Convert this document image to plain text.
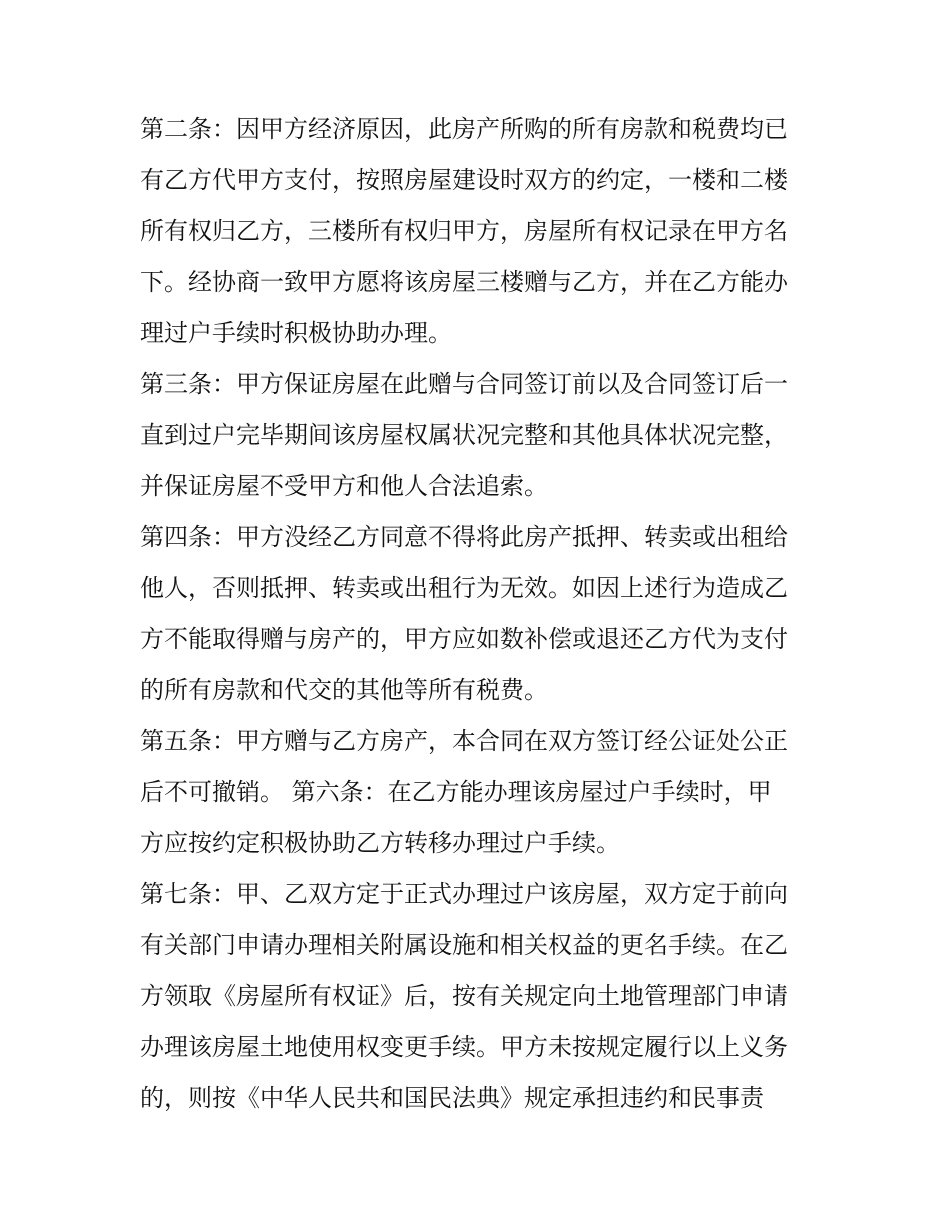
第二条：因甲方经济原因，此房产所购的所有房款和税费均已
有乙方代甲方支付，按照房屋建设时双方的约定，一楼和二楼
所有权归乙方，三楼所有权归甲方，房屋所有权记录在甲方名
下。经协商一致甲方愿将该房屋三楼赠与乙方，并在乙方能办
理过户手续时积极协助办理。
第三条：甲方保证房屋在此赠与合同签订前以及合同签订后一
直到过户完毕期间该房屋权属状况完整和其他具体状况完整，
并保证房屋不受甲方和他人合法追索。
第四条：甲方没经乙方同意不得将此房产抵押、转卖或出租给
他人，否则抵押、转卖或出租行为无效。如因上述行为造成乙
方不能取得赠与房产的，甲方应如数补偿或退还乙方代为支付
的所有房款和代交的其他等所有税费。
第五条：甲方赠与乙方房产，本合同在双方签订经公证处公正
后不可撤销。 第六条：在乙方能办理该房屋过户手续时，甲
方应按约定积极协助乙方转移办理过户手续。
第七条：甲、乙双方定于正式办理过户该房屋，双方定于前向
有关部门申请办理相关附属设施和相关权益的更名手续。在乙
方领取《房屋所有权证》后，按有关规定向土地管理部门申请
办理该房屋土地使用权变更手续。甲方未按规定履行以上义务
的，则按《中华人民共和国民法典》规定承担违约和民事责
